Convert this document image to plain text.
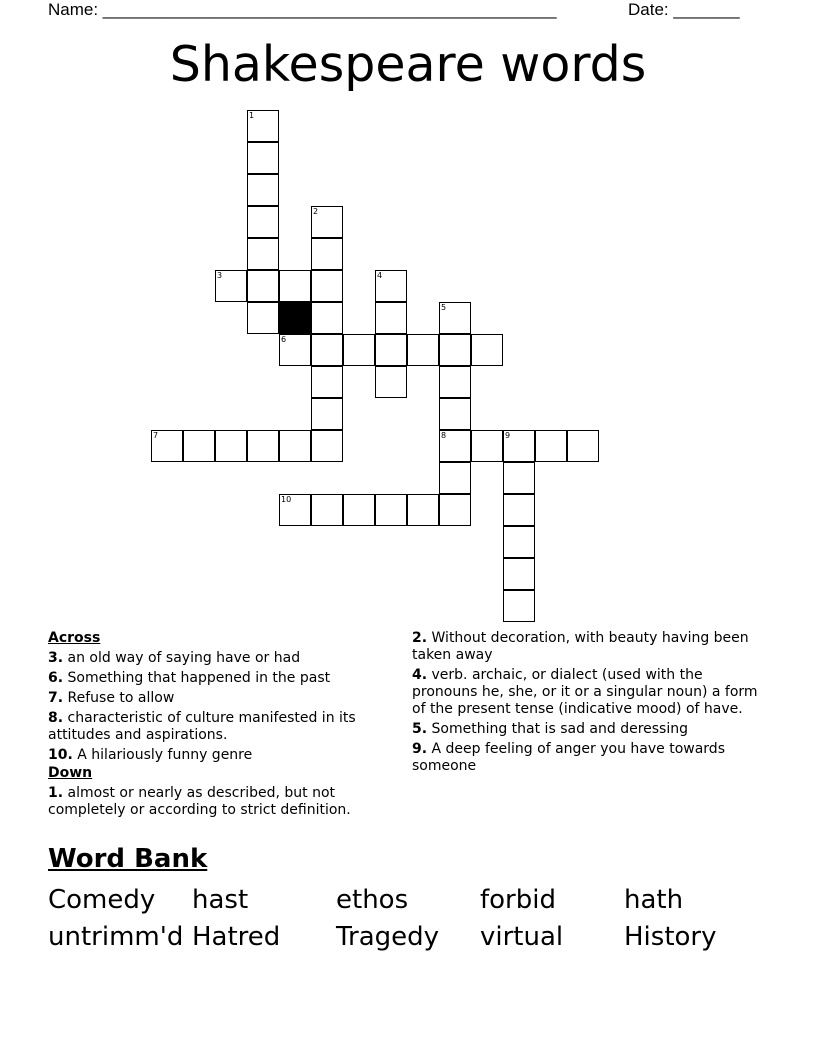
Name: ________________________________________________	Date: _______
Shakespeare words
1
2
3	4
5
8
6
7	9
10
Across
3. an old way of saying have or had
6. Something that happened in the past
7. Refuse to allow
8. characteristic of culture manifested in its attitudes and aspirations.
10. A hilariously funny genre
Down
1. almost or nearly as described, but not completely or according to strict definition.
2. Without decoration, with beauty having been taken away
4. verb. archaic, or dialect (used with the pronouns he, she, or it or a singular noun) a form of the present tense (indicative mood) of have.
5. Something that is sad and deressing
9. A deep feeling of anger you have towards someone
Word Bank
Comedy hast	ethos	forbid	hath
untrimm'd Hatred Tragedy virtual History
